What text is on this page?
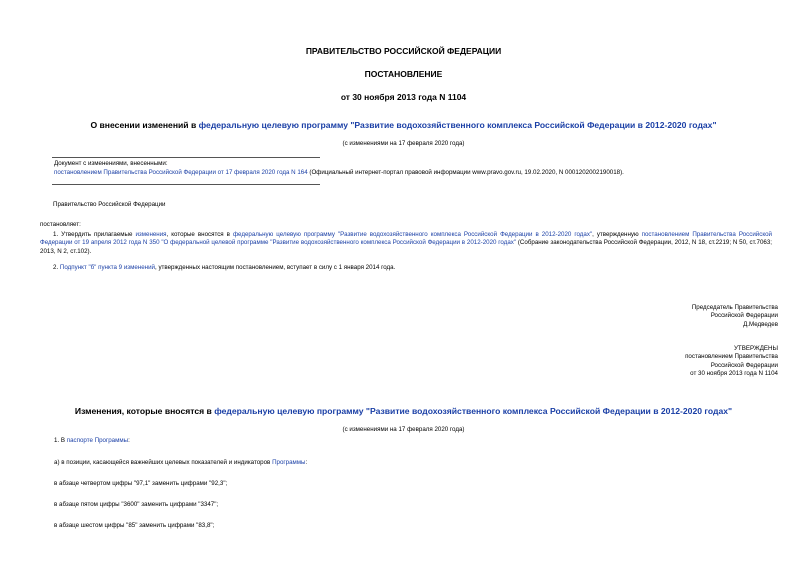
ПРАВИТЕЛЬСТВО РОССИЙСКОЙ ФЕДЕРАЦИИ
ПОСТАНОВЛЕНИЕ
от 30 ноября 2013 года N 1104
О внесении изменений в федеральную целевую программу "Развитие водохозяйственного комплекса Российской Федерации в 2012-2020 годах"
(с изменениями на 17 февраля 2020 года)
Документ с изменениями, внесенными:
постановлением Правительства Российской Федерации от 17 февраля 2020 года N 164 (Официальный интернет-портал правовой информации www.pravo.gov.ru, 19.02.2020, N 0001202002190018).
Правительство Российской Федерации
постановляет:
1. Утвердить прилагаемые изменения, которые вносятся в федеральную целевую программу "Развитие водохозяйственного комплекса Российской Федерации в 2012-2020 годах", утвержденную постановлением Правительства Российской Федерации от 19 апреля 2012 года N 350 "О федеральной целевой программе "Развитие водохозяйственного комплекса Российской Федерации в 2012-2020 годах" (Собрание законодательства Российской Федерации, 2012, N 18, ст.2219; N 50, ст.7063; 2013, N 2, ст.102).
2. Подпункт "б" пункта 9 изменений, утвержденных настоящим постановлением, вступает в силу с 1 января 2014 года.
Председатель Правительства
Российской Федерации
Д.Медведев
УТВЕРЖДЕНЫ
постановлением Правительства
Российской Федерации
от 30 ноября 2013 года N 1104
Изменения, которые вносятся в федеральную целевую программу "Развитие водохозяйственного комплекса Российской Федерации в 2012-2020 годах"
(с изменениями на 17 февраля 2020 года)
1. В паспорте Программы:
а) в позиции, касающейся важнейших целевых показателей и индикаторов Программы:
в абзаце четвертом цифры "97,1" заменить цифрами "92,3";
в абзаце пятом цифры "3600" заменить цифрами "3347";
в абзаце шестом цифры "85" заменить цифрами "83,8";
